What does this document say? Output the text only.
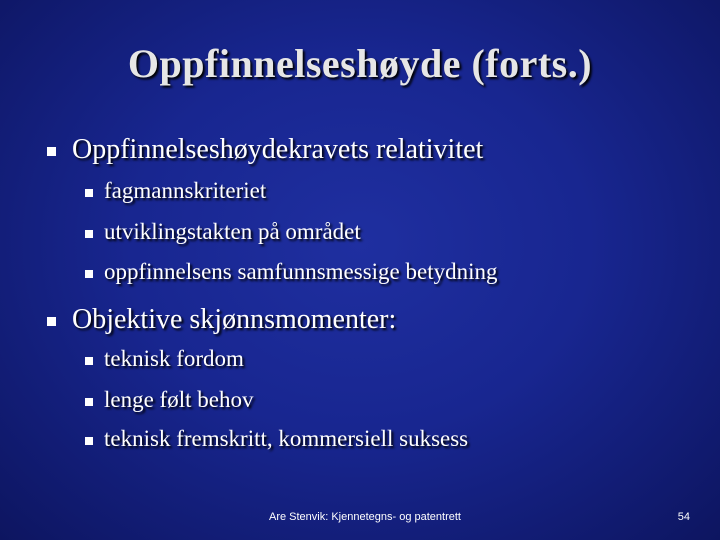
Oppfinnelseshøyde (forts.)
Oppfinnelseshøydekravets relativitet
fagmannskriteriet
utviklingstakten på området
oppfinnelsens samfunnsmessige betydning
Objektive skjønnsmomenter:
teknisk fordom
lenge følt behov
teknisk fremskritt, kommersiell suksess
Are Stenvik: Kjennetegns- og patentrett	54
